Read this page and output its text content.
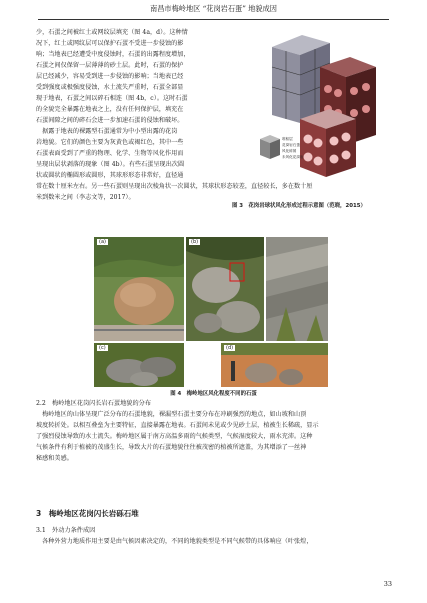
南昌市梅岭地区 “花岗岩石蛋” 地貌成因
少，石蛋之间被红土或网纹层填充（图 4a，d）。这种情
况下，红土或网纹层可以保护石蛋不受进一步侵蚀的影
响；当地表已经遭受中度侵蚀时，石蛋的出露程度增加，
石蛋之间仅保留一层薄薄的砂土层。此时，石蛋的保护
层已经减少，容易受到进一步侵蚀的影响；当地表已经
受到强度或极强度侵蚀，水土流失严重时，石蛋全部显
现于地表，石蛋之间以碎石相连（图 4b，c）。这时石蛋
的全貌完全暴露在地表之上，没有任何保护层，填充在
石蛋间隙之间的碎石会进一步加速石蛋的侵蚀和破坏。
　据露于地表的裸露型石蛋通常为中小型出露的花岗
岩地貌。它们的颜色主要为灰黄色或褐红色，其中一些
石蛋表面受到了严重的物理、化学、生物等风化作用而
呈现出层状剥落的现象（图 4b）。有些石蛋呈现出次圆
状或圆状的椭圆形或圆形，其球形形态非常好，直径通
堆积层
花岗岩石蛋
风化碎屑
未风化花岗岩
图 3　花岗岩球状风化形成过程示意图（范晓，2015）
常在数十厘米左右。另一些石蛋则呈现出次棱角状一次圆状，其球状形态较差，直径较长，多在数十厘
米到数米之间（李志文等，2017）。
(a)	(b)
(c)	(d)
图 4　梅岭地区风化程度不同的石蛋
2.2　梅岭地区花岗闪长岩石蛋地貌的分布
　梅岭地区的山体呈现广泛分布的石蛋地貌，裸漏型石蛋主要分布在冲刷强烈的地点，如山坡和山顶
坡度转折处。以相互叠垒为主要特征，直接暴露在地表。石蛋间未见或少见砂土层，植被生长稀疏，显示
了强烈侵蚀导致的水土流失。梅岭地区属于南方高温多雨的气候类型，气候湿度较大，雨水充沛。这种
气候条件有利于植被的茂盛生长，导致大片的石蛋地貌往往被茂密的植被所遮盖，为其增添了一丝神
秘感和美感。
3　梅岭地区花岗闪长岩砾石堆
3.1　外动力条件成因
　各种外营力地质作用主要是由气候因素决定的，不同的地貌类型是不同气候带的具体响应（叶张煌，
33
